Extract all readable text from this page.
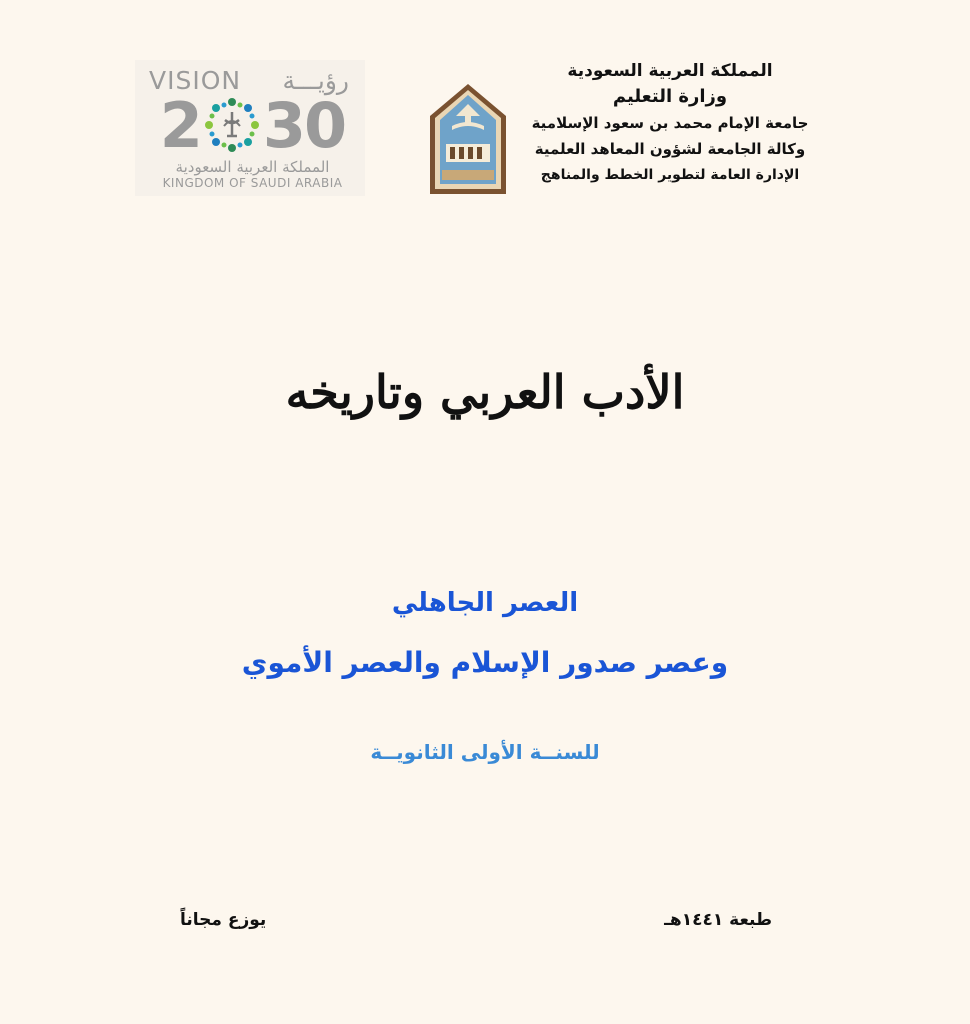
المملكة العربية السعودية
وزارة التعليم
جامعة الإمام محمد بن سعود الإسلامية
وكالة الجامعة لشؤون المعاهد العلمية
الإدارة العامة لتطوير الخطط والمناهج
VISION رؤيـــة
2 30
المملكة العربية السعودية
KINGDOM OF SAUDI ARABIA
الأدب العربي وتاريخه
العصر الجاهلي
وعصر صدور الإسلام والعصر الأموي
للسنــة الأولى الثانويــة
طبعة ١٤٤١هـ
يوزع مجاناً
